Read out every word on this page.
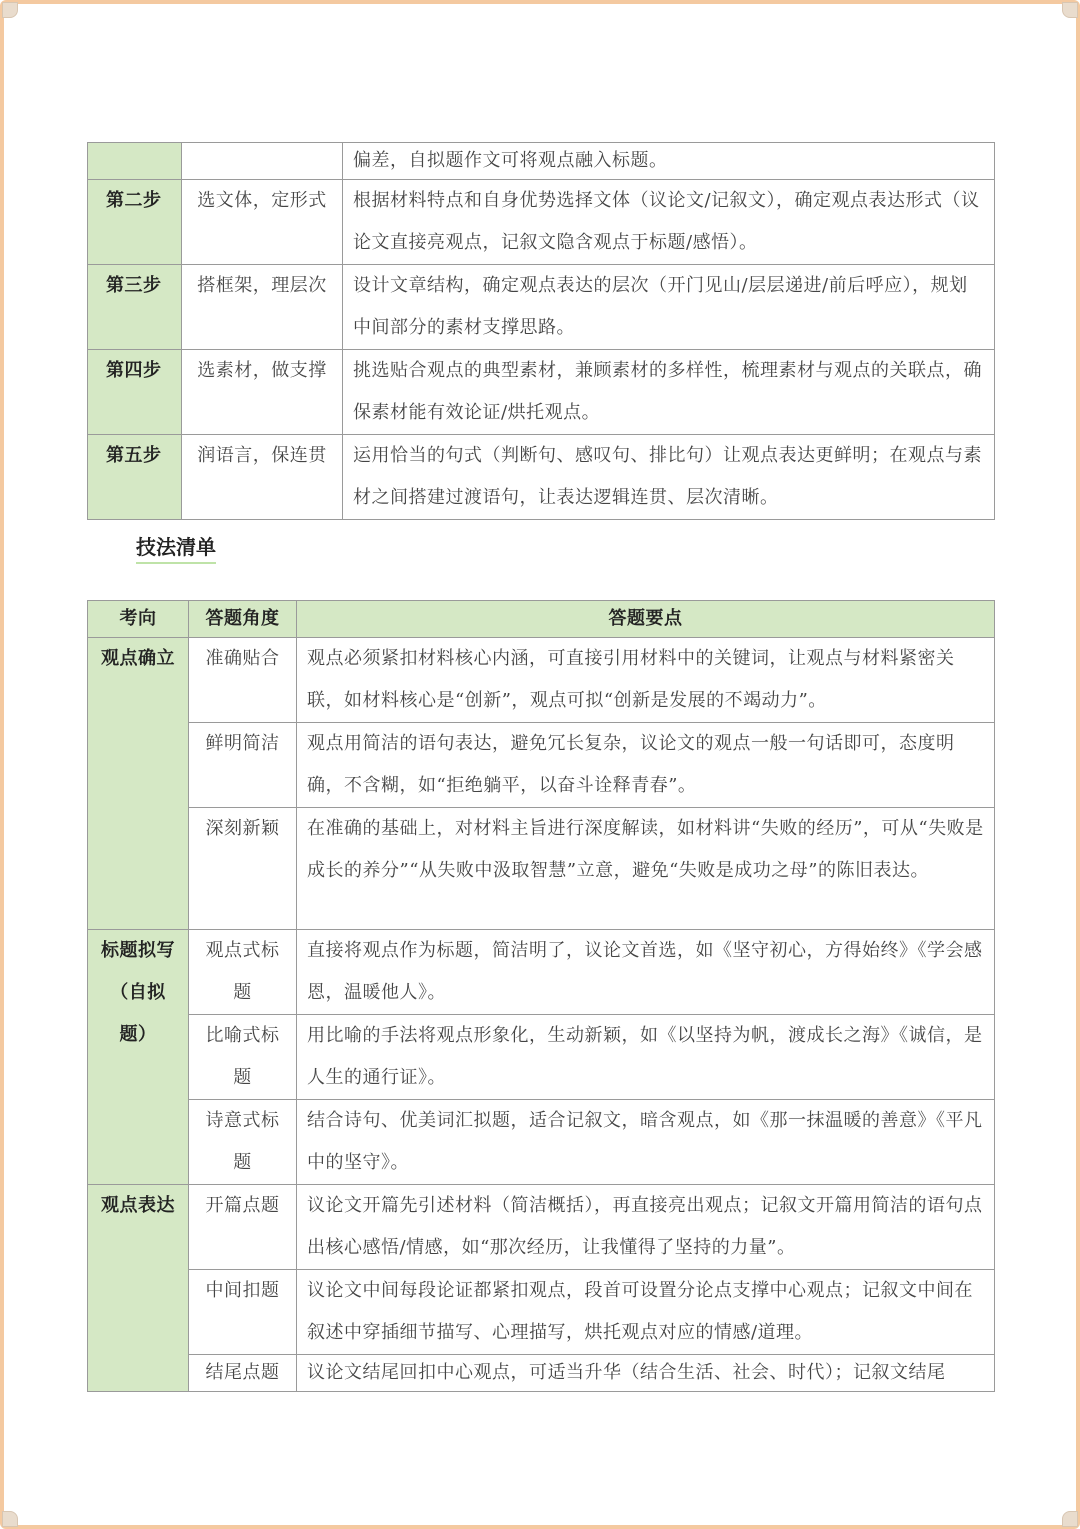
		偏差，自拟题作文可将观点融入标题。
第二步	选文体，定形式	根据材料特点和自身优势选择文体（议论文/记叙文），确定观点表达形式（议论文直接亮观点，记叙文隐含观点于标题/感悟）。
第三步	搭框架，理层次	设计文章结构，确定观点表达的层次（开门见山/层层递进/前后呼应），规划中间部分的素材支撑思路。
第四步	选素材，做支撑	挑选贴合观点的典型素材，兼顾素材的多样性，梳理素材与观点的关联点，确保素材能有效论证/烘托观点。
第五步	润语言，保连贯	运用恰当的句式（判断句、感叹句、排比句）让观点表达更鲜明；在观点与素材之间搭建过渡语句，让表达逻辑连贯、层次清晰。
技法清单
考向	答题角度	答题要点
观点确立	准确贴合	观点必须紧扣材料核心内涵，可直接引用材料中的关键词，让观点与材料紧密关联，如材料核心是“创新”，观点可拟“创新是发展的不竭动力”。
	鲜明简洁	观点用简洁的语句表达，避免冗长复杂，议论文的观点一般一句话即可，态度明确，不含糊，如“拒绝躺平，以奋斗诠释青春”。
	深刻新颖	在准确的基础上，对材料主旨进行深度解读，如材料讲“失败的经历”，可从“失败是成长的养分”“从失败中汲取智慧”立意，避免“失败是成功之母”的陈旧表达。
标题拟写（自拟题）	观点式标题	直接将观点作为标题，简洁明了，议论文首选，如《坚守初心，方得始终》《学会感恩，温暖他人》。
	比喻式标题	用比喻的手法将观点形象化，生动新颖，如《以坚持为帆，渡成长之海》《诚信，是人生的通行证》。
	诗意式标题	结合诗句、优美词汇拟题，适合记叙文，暗含观点，如《那一抹温暖的善意》《平凡中的坚守》。
观点表达	开篇点题	议论文开篇先引述材料（简洁概括），再直接亮出观点；记叙文开篇用简洁的语句点出核心感悟/情感，如“那次经历，让我懂得了坚持的力量”。
	中间扣题	议论文中间每段论证都紧扣观点，段首可设置分论点支撑中心观点；记叙文中间在叙述中穿插细节描写、心理描写，烘托观点对应的情感/道理。
	结尾点题	议论文结尾回扣中心观点，可适当升华（结合生活、社会、时代）；记叙文结尾
